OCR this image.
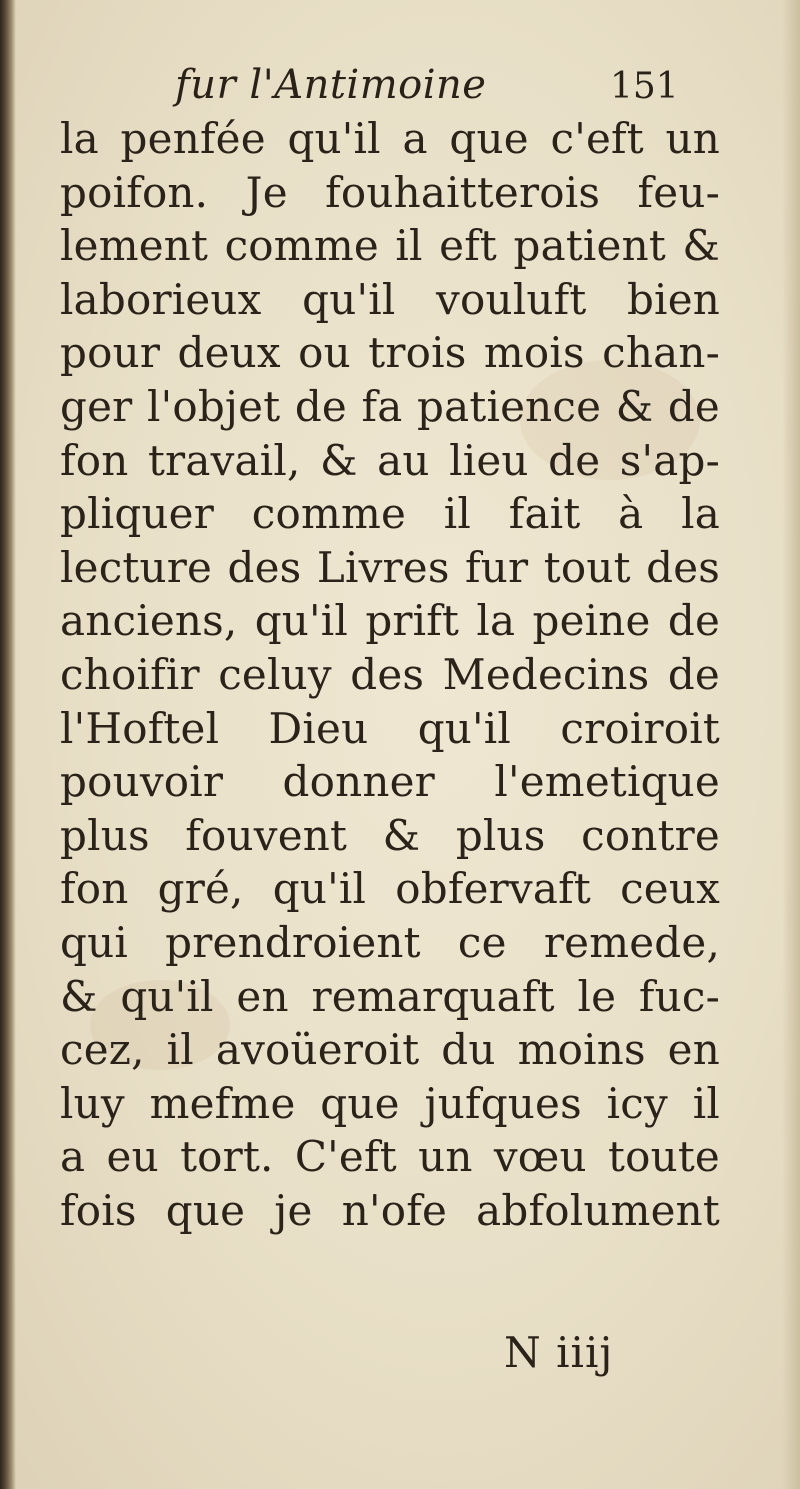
fur l'Antimoine	151
la penfée qu'il a que c'eft un
poifon. Je fouhaitterois feu-
lement comme il eft patient &
laborieux qu'il vouluft bien
pour deux ou trois mois chan-
ger l'objet de fa patience & de
fon travail, & au lieu de s'ap-
pliquer comme il fait à la
lecture des Livres fur tout des
anciens, qu'il prift la peine de
choifir celuy des Medecins de
l'Hoftel Dieu qu'il croiroit
pouvoir donner l'emetique
plus fouvent & plus contre
fon gré, qu'il obfervaft ceux
qui prendroient ce remede,
& qu'il en remarquaft le fuc-
cez, il avoüeroit du moins en
luy mefme que jufques icy il
a eu tort. C'eft un vœu toute
fois que je n'ofe abfolument
N iiij
